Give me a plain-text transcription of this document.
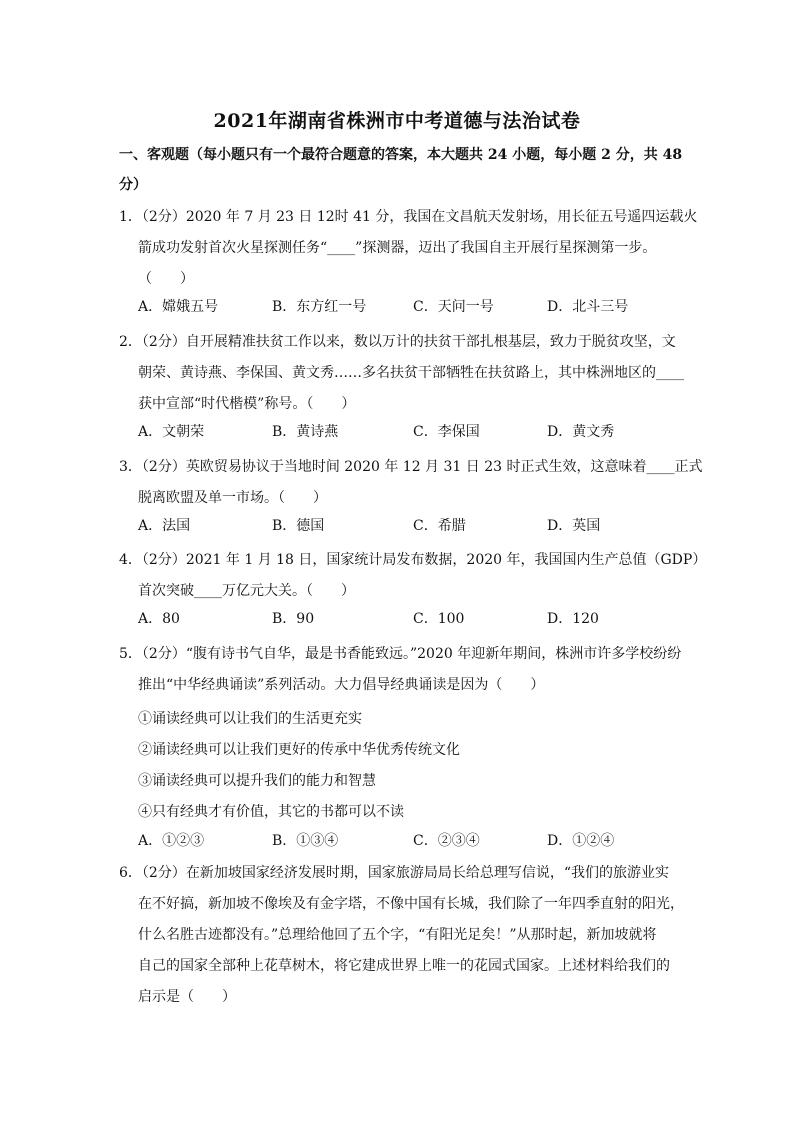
2021年湖南省株洲市中考道德与法治试卷
一、客观题（每小题只有一个最符合题意的答案，本大题共 24 小题，每小题 2 分，共 48
分）
1．（2分）2020 年 7 月 23 日 12时 41 分，我国在文昌航天发射场，用长征五号遥四运载火
箭成功发射首次火星探测任务“____”探测器，迈出了我国自主开展行星探测第一步。
（　　）
A．嫦娥五号	B．东方红一号	C．天问一号	D．北斗三号
2．（2分）自开展精准扶贫工作以来，数以万计的扶贫干部扎根基层，致力于脱贫攻坚，文
朝荣、黄诗燕、李保国、黄文秀……多名扶贫干部牺牲在扶贫路上，其中株洲地区的____
获中宣部“时代楷模”称号。（　　）
A．文朝荣	B．黄诗燕	C．李保国	D．黄文秀
3．（2分）英欧贸易协议于当地时间 2020 年 12 月 31 日 23 时正式生效，这意味着____正式
脱离欧盟及单一市场。（　　）
A．法国	B．德国	C．希腊	D．英国
4．（2分）2021 年 1 月 18 日，国家统计局发布数据，2020 年，我国国内生产总值（GDP）
首次突破____万亿元大关。（　　）
A．80	B．90	C．100	D．120
5．（2分）“腹有诗书气自华，最是书香能致远。”2020 年迎新年期间，株洲市许多学校纷纷
推出“中华经典诵读”系列活动。大力倡导经典诵读是因为（　　）
①诵读经典可以让我们的生活更充实
②诵读经典可以让我们更好的传承中华优秀传统文化
③诵读经典可以提升我们的能力和智慧
④只有经典才有价值，其它的书都可以不读
A．①②③	B．①③④	C．②③④	D．①②④
6．（2分）在新加坡国家经济发展时期，国家旅游局局长给总理写信说，“我们的旅游业实
在不好搞，新加坡不像埃及有金字塔，不像中国有长城，我们除了一年四季直射的阳光，
什么名胜古迹都没有。”总理给他回了五个字，“有阳光足矣！”从那时起，新加坡就将
自己的国家全部种上花草树木，将它建成世界上唯一的花园式国家。上述材料给我们的
启示是（　　）
